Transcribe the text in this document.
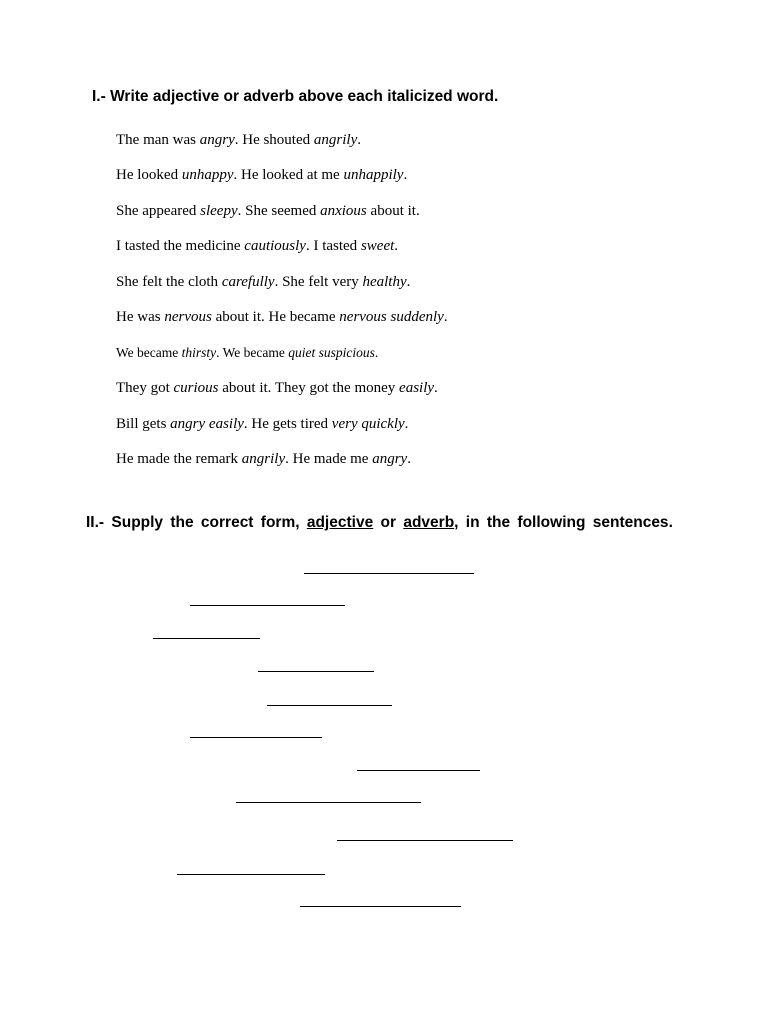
I.- Write adjective or adverb above each italicized word.

The man was angry. He shouted angrily.

He looked unhappy. He looked at me unhappily.

She appeared sleepy. She seemed anxious about it.

I tasted the medicine cautiously. I tasted sweet.

She felt the cloth carefully. She felt very healthy.

He was nervous about it. He became nervous suddenly.

We became thirsty. We became quiet suspicious.

They got curious about it. They got the money easily.

Bill gets angry easily. He gets tired very quickly.

He made the remark angrily. He made me angry.

II.- Supply the correct form, adjective or adverb, in the following sentences.
